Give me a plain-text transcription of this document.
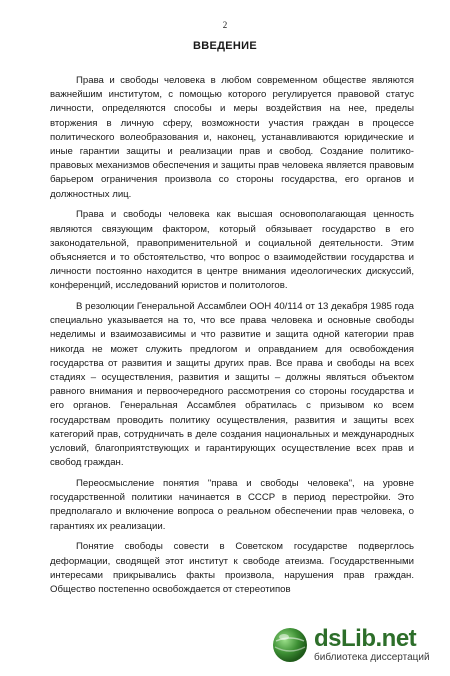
2
ВВЕДЕНИЕ

Права и свободы человека в любом современном обществе являются важнейшим институтом, с помощью которого регулируется правовой статус личности, определяются способы и меры воздействия на нее, пределы вторжения в личную сферу, возможности участия граждан в процессе политического волеобразования и, наконец, устанавливаются юридические и иные гарантии защиты и реализации прав и свобод. Создание политико-правовых механизмов обеспечения и защиты прав человека является правовым барьером ограничения произвола со стороны государства, его органов и должностных лиц.

Права и свободы человека как высшая основополагающая ценность являются связующим фактором, который обязывает государство в его законодательной, правоприменительной и социальной деятельности. Этим объясняется и то обстоятельство, что вопрос о взаимодействии государства и личности постоянно находится в центре внимания идеологических дискуссий, конференций, исследований юристов и политологов.

В резолюции Генеральной Ассамблеи ООН 40/114 от 13 декабря 1985 года специально указывается на то, что все права человека и основные свободы неделимы и взаимозависимы и что развитие и защита одной категории прав никогда не может служить предлогом и оправданием для освобождения государства от развития и защиты других прав. Все права и свободы на всех стадиях – осуществления, развития и защиты – должны являться объектом равного внимания и первоочередного рассмотрения со стороны государства и его органов. Генеральная Ассамблея обратилась с призывом ко всем государствам проводить политику осуществления, развития и защиты всех категорий прав, сотрудничать в деле создания национальных и международных условий, благоприятствующих и гарантирующих осуществление всех прав и свобод граждан.

Переосмысление понятия "права и свободы человека", на уровне государственной политики начинается в СССР в период перестройки. Это предполагало и включение вопроса о реальном обеспечении прав человека, о гарантиях их реализации.

Понятие свободы совести в Советском государстве подверглось деформации, сводящей этот институт к свободе атеизма. Государственными интересами прикрывались факты произвола, нарушения прав граждан. Общество постепенно освобождается от стереотипов

dsLib.net
библиотека диссертаций
